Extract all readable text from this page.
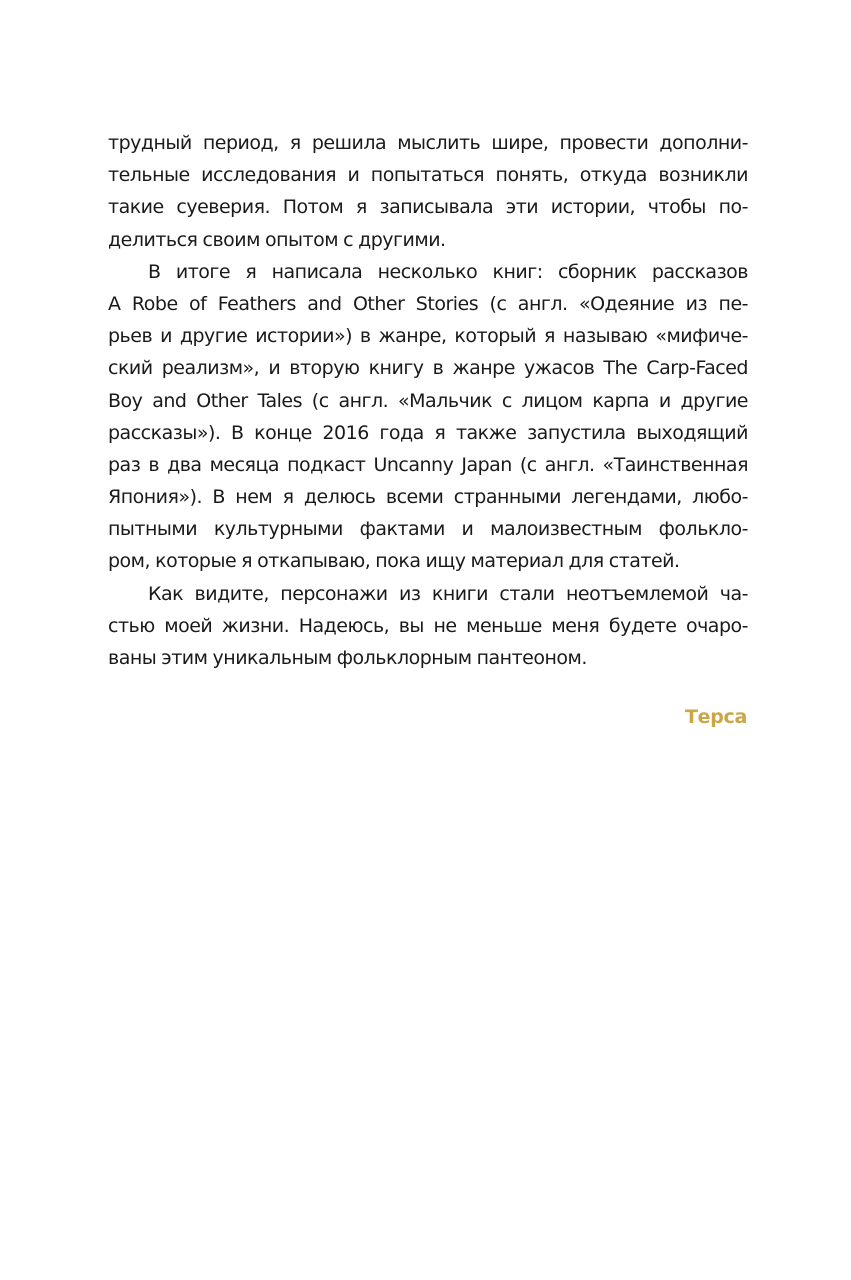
трудный период, я решила мыслить шире, провести дополни-
тельные исследования и попытаться понять, откуда возникли
такие суеверия. Потом я записывала эти истории, чтобы по-
делиться своим опытом с другими.
В итоге я написала несколько книг: сборник рассказов
A Robe of Feathers and Other Stories (с англ. «Одеяние из пе-
рьев и другие истории») в жанре, который я называю «мифиче-
ский реализм», и вторую книгу в жанре ужасов The Carp-Faced
Boy and Other Tales (с англ. «Мальчик с лицом карпа и другие
рассказы»). В конце 2016 года я также запустила выходящий
раз в два месяца подкаст Uncanny Japan (с англ. «Таинственная
Япония»). В нем я делюсь всеми странными легендами, любо-
пытными культурными фактами и малоизвестным фолькло-
ром, которые я откапываю, пока ищу материал для статей.
Как видите, персонажи из книги стали неотъемлемой ча-
стью моей жизни. Надеюсь, вы не меньше меня будете очаро-
ваны этим уникальным фольклорным пантеоном.
Терса
